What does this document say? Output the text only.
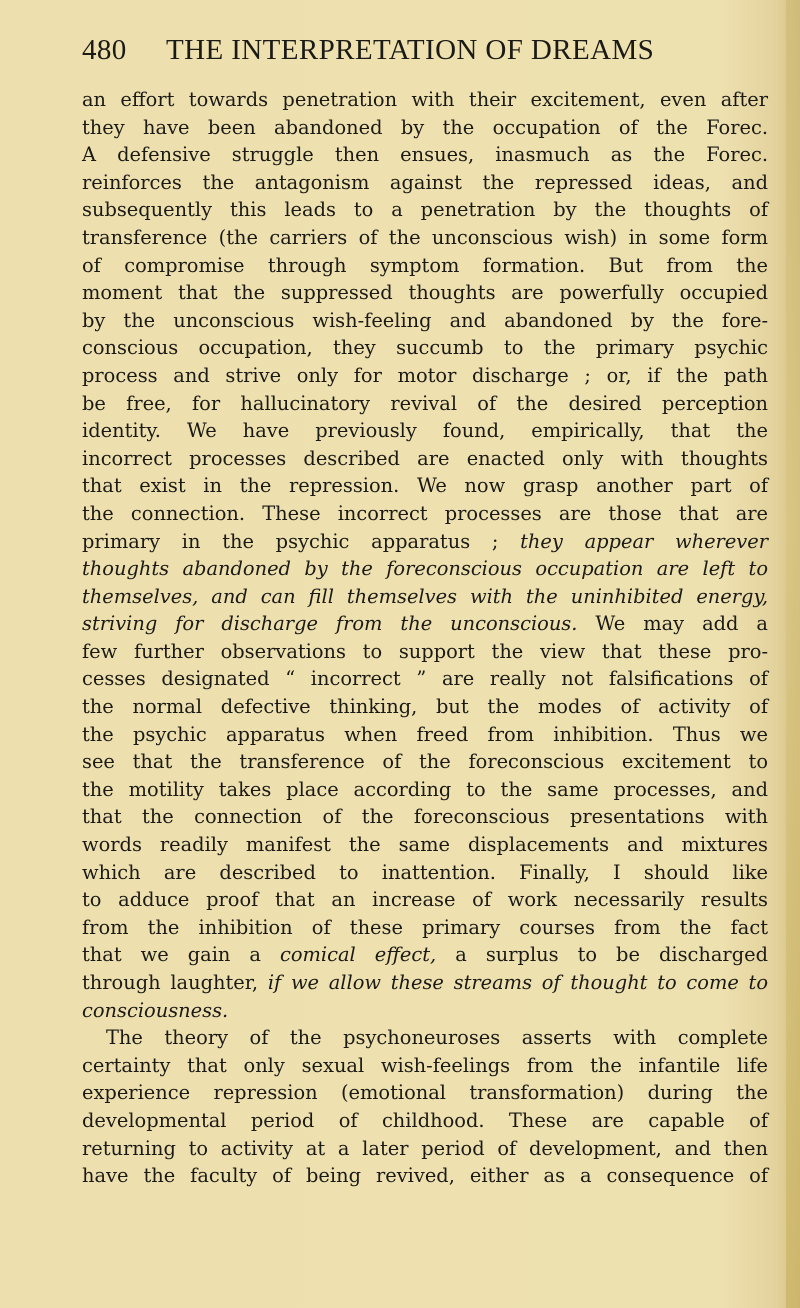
480 THE INTERPRETATION OF DREAMS
an effort towards penetration with their excitement, even after
they have been abandoned by the occupation of the Forec.
A defensive struggle then ensues, inasmuch as the Forec.
reinforces the antagonism against the repressed ideas, and
subsequently this leads to a penetration by the thoughts of
transference (the carriers of the unconscious wish) in some form
of compromise through symptom formation. But from the
moment that the suppressed thoughts are powerfully occupied
by the unconscious wish-feeling and abandoned by the fore-
conscious occupation, they succumb to the primary psychic
process and strive only for motor discharge ; or, if the path
be free, for hallucinatory revival of the desired perception
identity. We have previously found, empirically, that the
incorrect processes described are enacted only with thoughts
that exist in the repression. We now grasp another part of
the connection. These incorrect processes are those that are
primary in the psychic apparatus ; they appear wherever
thoughts abandoned by the foreconscious occupation are left to
themselves, and can fill themselves with the uninhibited energy,
striving for discharge from the unconscious. We may add a
few further observations to support the view that these pro-
cesses designated “ incorrect ” are really not falsifications of
the normal defective thinking, but the modes of activity of
the psychic apparatus when freed from inhibition. Thus we
see that the transference of the foreconscious excitement to
the motility takes place according to the same processes, and
that the connection of the foreconscious presentations with
words readily manifest the same displacements and mixtures
which are described to inattention. Finally, I should like
to adduce proof that an increase of work necessarily results
from the inhibition of these primary courses from the fact
that we gain a comical effect, a surplus to be discharged
through laughter, if we allow these streams of thought to come to
consciousness.
The theory of the psychoneuroses asserts with complete
certainty that only sexual wish-feelings from the infantile life
experience repression (emotional transformation) during the
developmental period of childhood. These are capable of
returning to activity at a later period of development, and then
have the faculty of being revived, either as a consequence of
